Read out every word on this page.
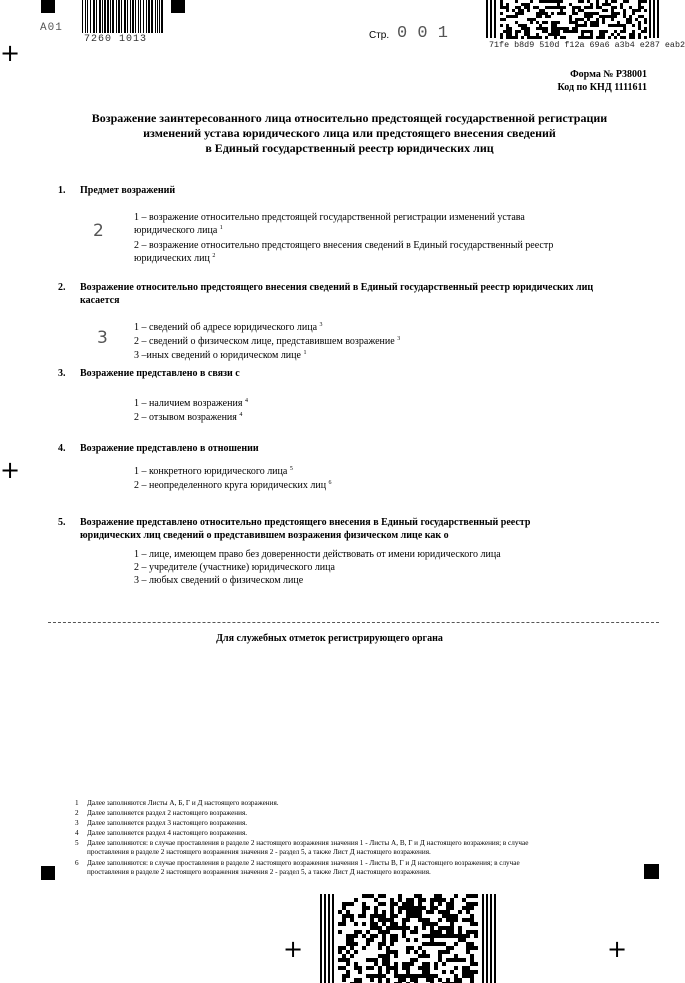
+
+
+	+
A01
7260 1013	Стр. 0 0 1
71fe b8d9 510d f12a 69a6 a3b4 e287 eab2
Форма № Р38001
Код по КНД 1111611
Возражение заинтересованного лица относительно предстоящей государственной регистрации
изменений устава юридического лица или предстоящего внесения сведений
в Единый государственный реестр юридических лиц
1. Предмет возражений
2
1 – возражение относительно предстоящей государственной регистрации изменений устава
юридического лица $^1$
2 – возражение относительно предстоящего внесения сведений в Единый государственный реестр
юридических лиц $^2$
2. Возражение относительно предстоящего внесения сведений в Единый государственный реестр юридических лиц
касается
3
1 – сведений об адресе юридического лица $^3$
2 – сведений о физическом лице, представившем возражение $^3$
3 –иных сведений о юридическом лице $^1$
3. Возражение представлено в связи с
1 – наличием возражения $^4$
2 – отзывом возражения $^4$
4. Возражение представлено в отношении
1 – конкретного юридического лица $^5$
2 – неопределенного круга юридических лиц $^6$
5. Возражение представлено относительно предстоящего внесения в Единый государственный реестр
юридических лиц сведений о представившем возражения физическом лице как о
1 – лице, имеющем право без доверенности действовать от имени юридического лица
2 – учредителе (участнике) юридического лица
3 – любых сведений о физическом лице
Для служебных отметок регистрирующего органа
1 Далее заполняются Листы А, Б, Г и Д настоящего возражения.
2 Далее заполняется раздел 2 настоящего возражения.
3 Далее заполняется раздел 3 настоящего возражения.
4 Далее заполняется раздел 4 настоящего возражения.
5 Далее заполняются: в случае проставления в разделе 2 настоящего возражения значения 1 - Листы А, В, Г и Д настоящего возражения; в случае
проставления в разделе 2 настоящего возражения значения 2 - раздел 5, а также Лист Д настоящего возражения.
6 Далее заполняются: в случае проставления в разделе 2 настоящего возражения значения 1 - Листы В, Г и Д настоящего возражения; в случае
проставления в разделе 2 настоящего возражения значения 2 - раздел 5, а также Лист Д настоящего возражения.
